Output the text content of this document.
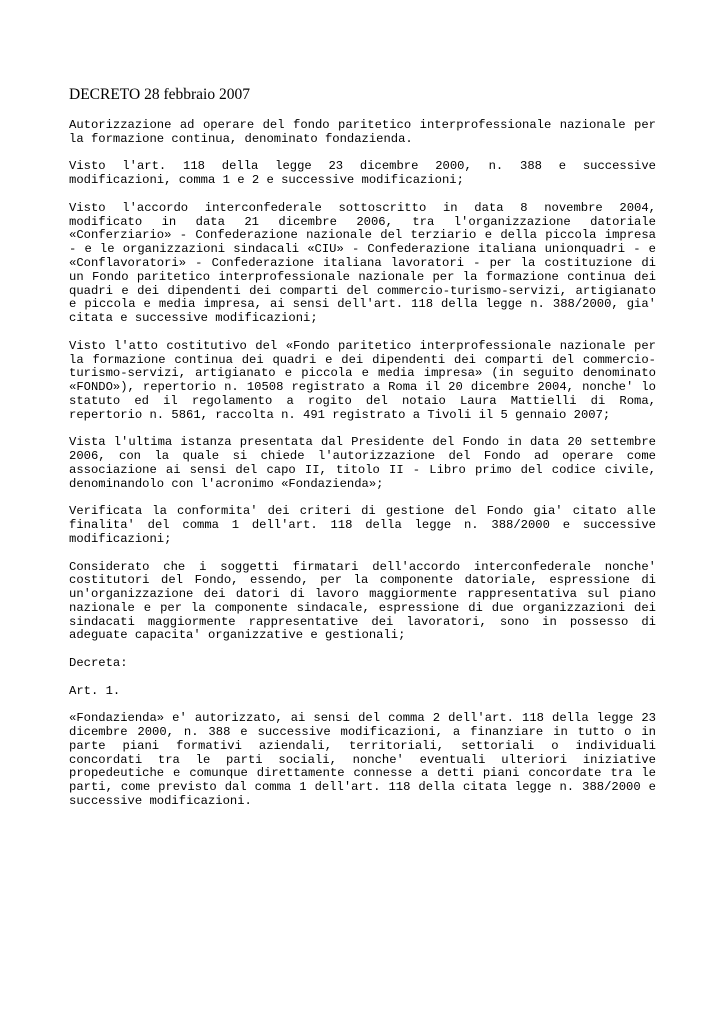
DECRETO 28 febbraio 2007

Autorizzazione ad operare del fondo paritetico interprofessionale nazionale per la formazione continua, denominato fondazienda.

Visto l'art. 118 della legge 23 dicembre 2000, n. 388 e successive modificazioni, comma 1 e 2 e successive modificazioni;

Visto l'accordo interconfederale sottoscritto in data 8 novembre 2004, modificato in data 21 dicembre 2006, tra l'organizzazione datoriale «Conferziario» - Confederazione nazionale del terziario e della piccola impresa - e le organizzazioni sindacali «CIU» - Confederazione italiana unionquadri - e «Conflavoratori» - Confederazione italiana lavoratori - per la costituzione di un Fondo paritetico interprofessionale nazionale per la formazione continua dei quadri e dei dipendenti dei comparti del commercio-turismo-servizi, artigianato e piccola e media impresa, ai sensi dell'art. 118 della legge n. 388/2000, gia' citata e successive modificazioni;

Visto l'atto costitutivo del «Fondo paritetico interprofessionale nazionale per la formazione continua dei quadri e dei dipendenti dei comparti del commercio-turismo-servizi, artigianato e piccola e media impresa» (in seguito denominato «FONDO»), repertorio n. 10508 registrato a Roma il 20 dicembre 2004, nonche' lo statuto ed il regolamento a rogito del notaio Laura Mattielli di Roma, repertorio n. 5861, raccolta n. 491 registrato a Tivoli il 5 gennaio 2007;

Vista l'ultima istanza presentata dal Presidente del Fondo in data 20 settembre 2006, con la quale si chiede l'autorizzazione del Fondo ad operare come associazione ai sensi del capo II, titolo II - Libro primo del codice civile, denominandolo con l'acronimo «Fondazienda»;

Verificata la conformita' dei criteri di gestione del Fondo gia' citato alle finalita' del comma 1 dell'art. 118 della legge n. 388/2000 e successive modificazioni;

Considerato che i soggetti firmatari dell'accordo interconfederale nonche' costitutori del Fondo, essendo, per la componente datoriale, espressione di un'organizzazione dei datori di lavoro maggiormente rappresentativa sul piano nazionale e per la componente sindacale, espressione di due organizzazioni dei sindacati maggiormente rappresentative dei lavoratori, sono in possesso di adeguate capacita' organizzative e gestionali;

Decreta:

Art. 1.

«Fondazienda» e' autorizzato, ai sensi del comma 2 dell'art. 118 della legge 23 dicembre 2000, n. 388 e successive modificazioni, a finanziare in tutto o in parte piani formativi aziendali, territoriali, settoriali o individuali concordati tra le parti sociali, nonche' eventuali ulteriori iniziative propedeutiche e comunque direttamente connesse a detti piani concordate tra le parti, come previsto dal comma 1 dell'art. 118 della citata legge n. 388/2000 e successive modificazioni.
